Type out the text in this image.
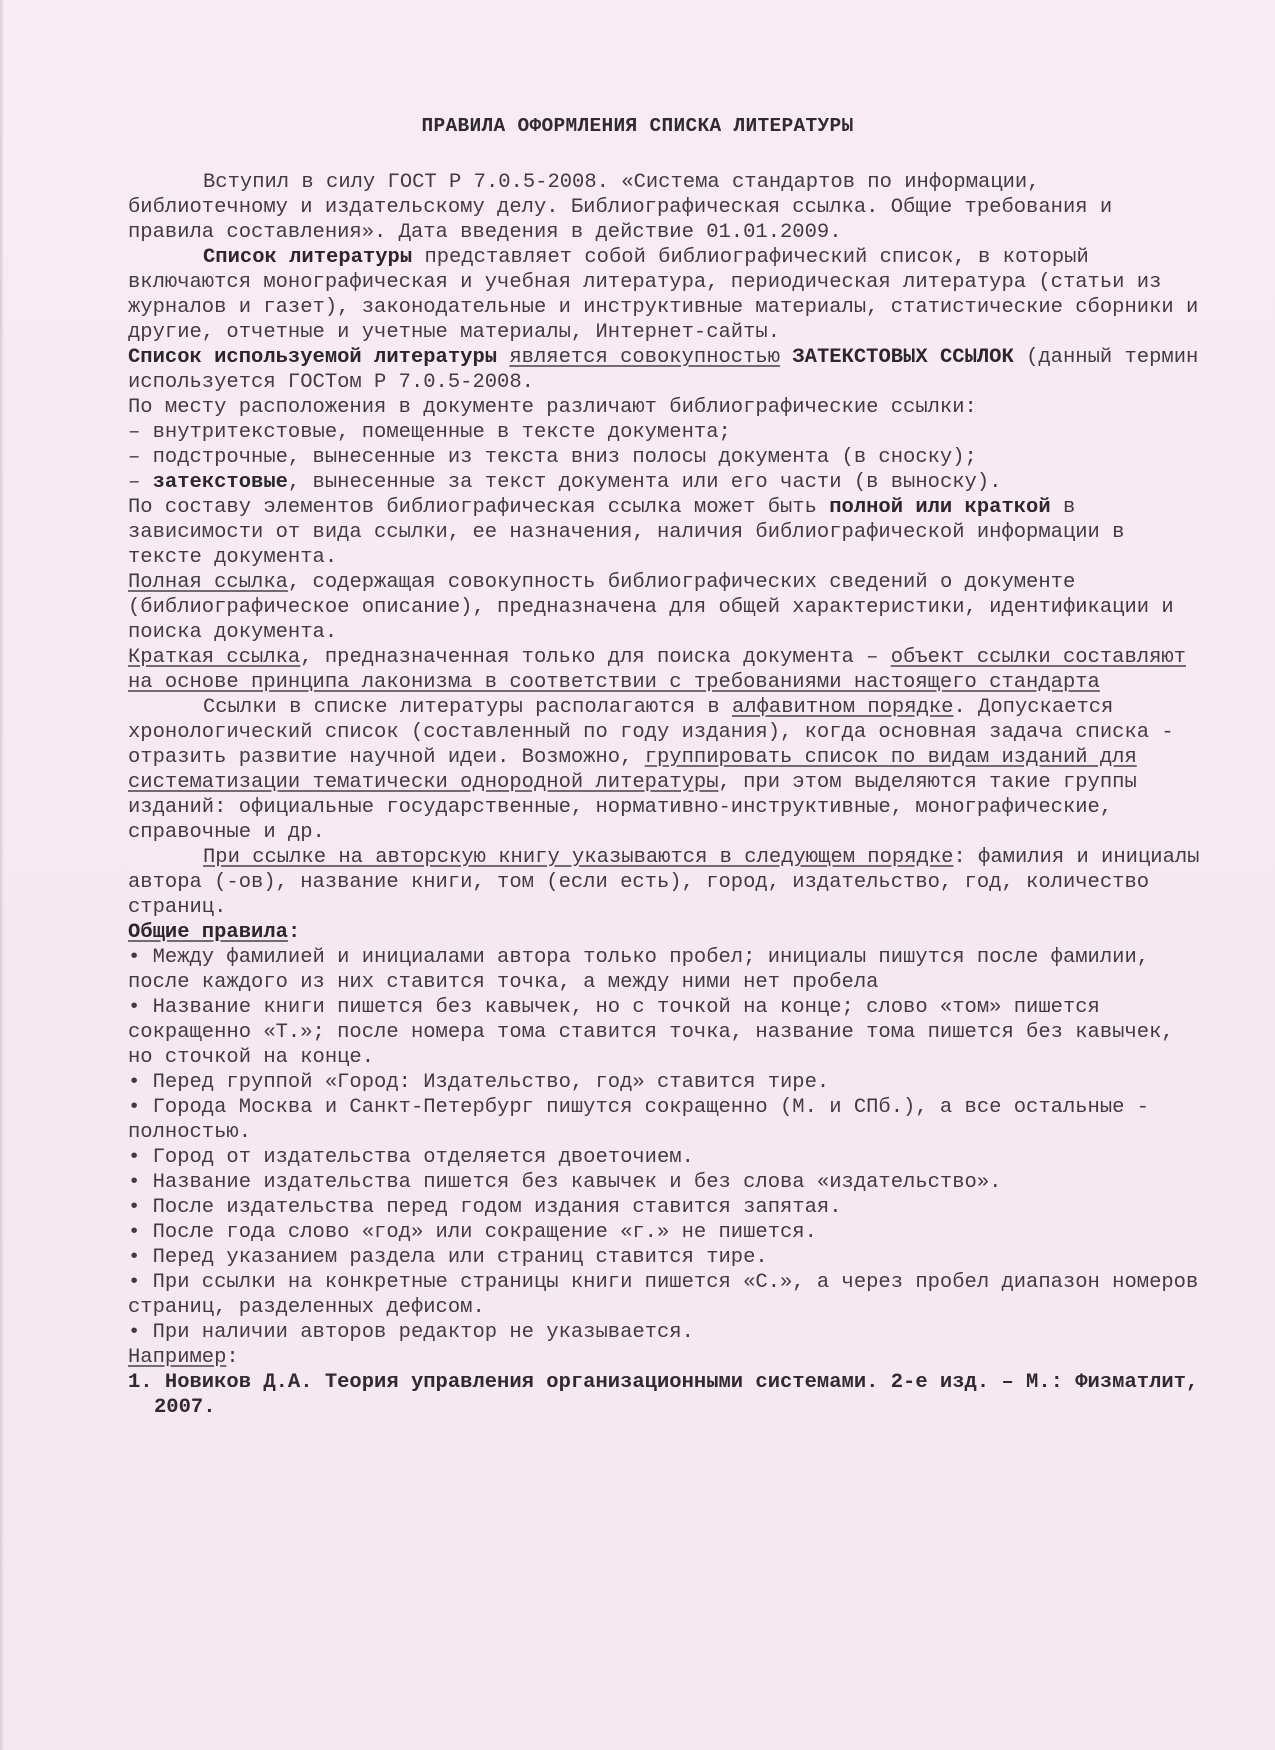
ПРАВИЛА ОФОРМЛЕНИЯ СПИСКА ЛИТЕРАТУРЫ
Вступил в силу ГОСТ Р 7.0.5-2008. «Система стандартов по информации, библиотечному и издательскому делу. Библиографическая ссылка. Общие требования и правила составления». Дата введения в действие 01.01.2009.
Список литературы представляет собой библиографический список, в который включаются монографическая и учебная литература, периодическая литература (статьи из журналов и газет), законодательные и инструктивные материалы, статистические сборники и другие, отчетные и учетные материалы, Интернет-сайты.
Список используемой литературы является совокупностью ЗАТЕКСТОВЫХ ССЫЛОК (данный термин используется ГОСТом Р 7.0.5-2008.
По месту расположения в документе различают библиографические ссылки:
– внутритекстовые, помещенные в тексте документа;
– подстрочные, вынесенные из текста вниз полосы документа (в сноску);
– затекстовые, вынесенные за текст документа или его части (в выноску).
По составу элементов библиографическая ссылка может быть полной или краткой в зависимости от вида ссылки, ее назначения, наличия библиографической информации в тексте документа.
Полная ссылка, содержащая совокупность библиографических сведений о документе (библиографическое описание), предназначена для общей характеристики, идентификации и поиска документа.
Краткая ссылка, предназначенная только для поиска документа – объект ссылки составляют на основе принципа лаконизма в соответствии с требованиями настоящего стандарта
Ссылки в списке литературы располагаются в алфавитном порядке. Допускается хронологический список (составленный по году издания), когда основная задача списка - отразить развитие научной идеи. Возможно, группировать список по видам изданий для систематизации тематически однородной литературы, при этом выделяются такие группы изданий: официальные государственные, нормативно-инструктивные, монографические, справочные и др.
При ссылке на авторскую книгу указываются в следующем порядке: фамилия и инициалы автора (-ов), название книги, том (если есть), город, издательство, год, количество страниц.
Общие правила:
• Между фамилией и инициалами автора только пробел; инициалы пишутся после фамилии, после каждого из них ставится точка, а между ними нет пробела
• Название книги пишется без кавычек, но с точкой на конце; слово «том» пишется сокращенно «Т.»; после номера тома ставится точка, название тома пишется без кавычек, но сточкой на конце.
• Перед группой «Город: Издательство, год» ставится тире.
• Города Москва и Санкт-Петербург пишутся сокращенно (М. и СПб.), а все остальные - полностью.
• Город от издательства отделяется двоеточием.
• Название издательства пишется без кавычек и без слова «издательство».
• После издательства перед годом издания ставится запятая.
• После года слово «год» или сокращение «г.» не пишется.
• Перед указанием раздела или страниц ставится тире.
• При ссылки на конкретные страницы книги пишется «С.», а через пробел диапазон номеров страниц, разделенных дефисом.
• При наличии авторов редактор не указывается.
Например:
1. Новиков Д.А. Теория управления организационными системами. 2-е изд. – М.: Физматлит, 2007.
